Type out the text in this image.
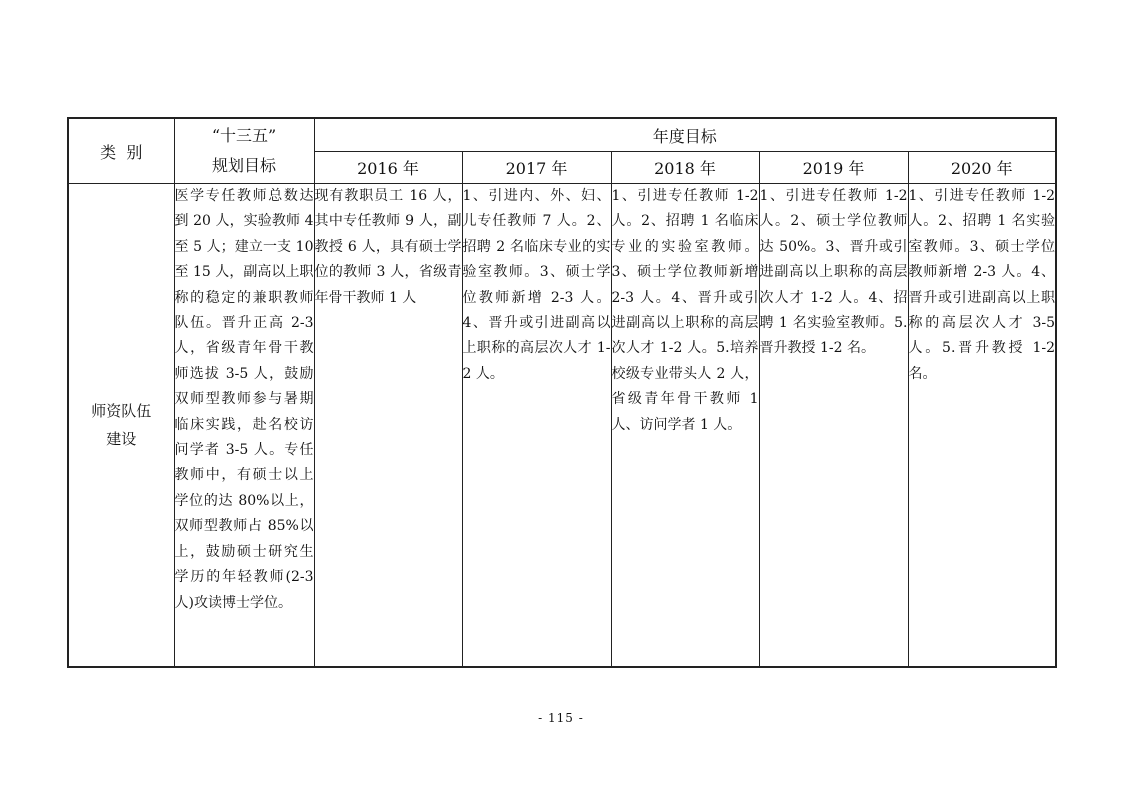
类  别	“十三五”
规划目标	年度目标				
		2016 年	2017 年	2018 年	2019 年	2020 年

师资队伍
建设	医学专任教师总数达到 20 人，实验教师 4 至 5 人；建立一支 10 至 15 人，副高以上职称的稳定的兼职教师队伍。晋升正高 2-3 人，省级青年骨干教师选拔 3-5 人，鼓励双师型教师参与暑期临床实践，赴名校访问学者 3-5 人。专任教师中，有硕士以上学位的达 80%以上，双师型教师占 85%以上，鼓励硕士研究生学历的年轻教师(2-3 人)攻读博士学位。	现有教职员工 16 人，其中专任教师 9 人，副教授 6 人，具有硕士学位的教师 3 人，省级青年骨干教师 1 人	1、引进内、外、妇、儿专任教师 7 人。2、招聘 2 名临床专业的实验室教师。3、硕士学位教师新增 2-3 人。4、晋升或引进副高以上职称的高层次人才 1-2 人。	1、引进专任教师 1-2 人。2、招聘 1 名临床专业的实验室教师。3、硕士学位教师新增 2-3 人。4、晋升或引进副高以上职称的高层次人才 1-2 人。5.培养校级专业带头人 2 人，省级青年骨干教师 1 人、访问学者 1 人。	1、引进专任教师 1-2 人。2、硕士学位教师达 50%。3、晋升或引进副高以上职称的高层次人才 1-2 人。4、招聘 1 名实验室教师。5.晋升教授 1-2 名。	1、引进专任教师 1-2 人。2、招聘 1 名实验室教师。3、硕士学位教师新增 2-3 人。4、晋升或引进副高以上职称的高层次人才 3-5 人。5.晋升教授 1-2 名。
- 115 -
